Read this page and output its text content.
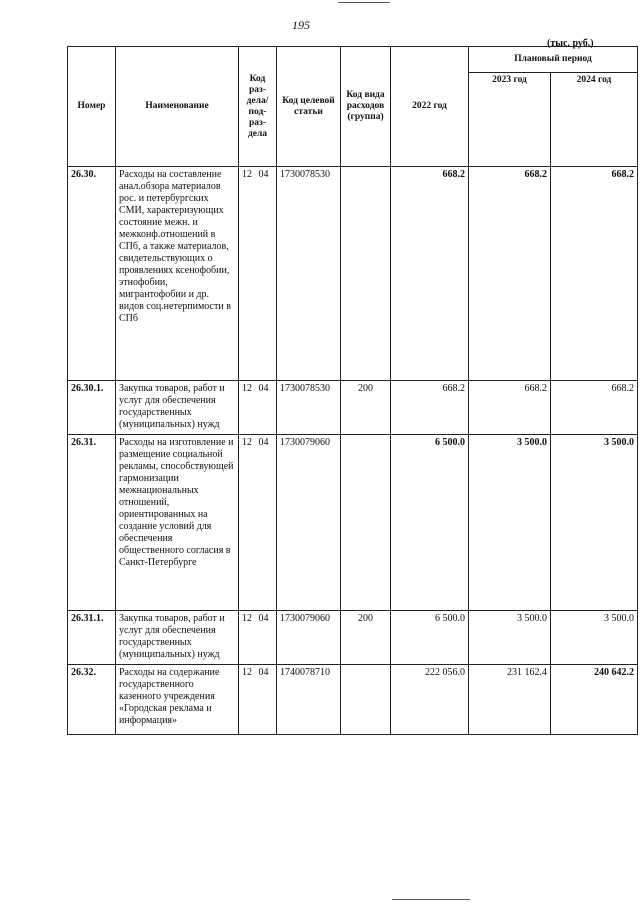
195
(тыс. руб.)
Номер	Наименование	Код раз-дела/под-раз-дела	Код целевой статьи	Код вида расходов (группа)	2022 год	Плановый период	
						2023 год	2024 год
26.30.	Расходы на составление анал.обзора материалов рос. и петербургских СМИ, характеризующих состояние межн. и межконф.отношений в СПб, а также материалов, свидетельствующих о проявлениях ксенофобии, этнофобии, мигрантофобии и др. видов соц.нетерпимости в СПб	12 04	1730078530		668.2	668.2	668.2
26.30.1.	Закупка товаров, работ и услуг для обеспечения государственных (муниципальных) нужд	12 04	1730078530	200	668.2	668.2	668.2
26.31.	Расходы на изготовление и размещение социальной рекламы, способствующей гармонизации межнациональных отношений, ориентированных на создание условий для обеспечения общественного согласия в Санкт-Петербурге	12 04	1730079060		6 500.0	3 500.0	3 500.0
26.31.1.	Закупка товаров, работ и услуг для обеспечения государственных (муниципальных) нужд	12 04	1730079060	200	6 500.0	3 500.0	3 500.0
26.32.	Расходы на содержание государственного казенного учреждения «Городская реклама и информация»	12 04	1740078710		222 056.0	231 162.4	240 642.2
